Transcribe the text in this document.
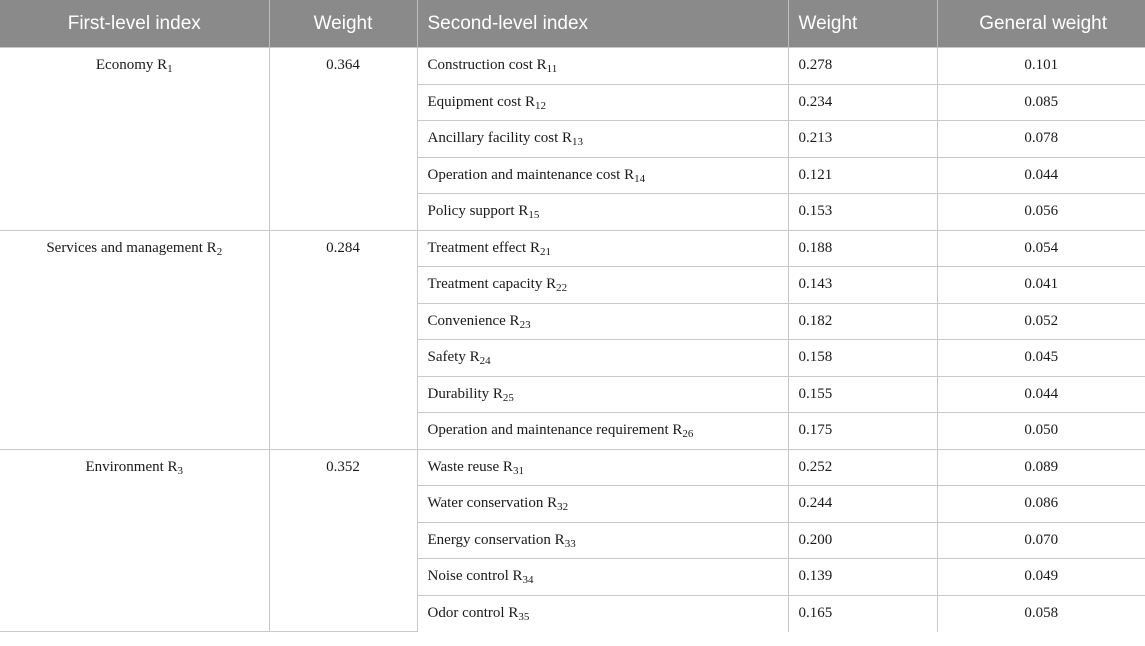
First-level index	Weight	Second-level index	Weight	General weight
Economy $R_1$	0.364	Construction cost $R_{11}$	0.278	0.101
		Equipment cost $R_{12}$	0.234	0.085
		Ancillary facility cost $R_{13}$	0.213	0.078
		Operation and maintenance cost $R_{14}$	0.121	0.044
		Policy support $R_{15}$	0.153	0.056
Services and management $R_2$	0.284	Treatment effect $R_{21}$	0.188	0.054
		Treatment capacity $R_{22}$	0.143	0.041
		Convenience $R_{23}$	0.182	0.052
		Safety $R_{24}$	0.158	0.045
		Durability $R_{25}$	0.155	0.044
		Operation and maintenance requirement $R_{26}$	0.175	0.050
Environment $R_3$	0.352	Waste reuse $R_{31}$	0.252	0.089
		Water conservation $R_{32}$	0.244	0.086
		Energy conservation $R_{33}$	0.200	0.070
		Noise control $R_{34}$	0.139	0.049
		Odor control $R_{35}$	0.165	0.058
